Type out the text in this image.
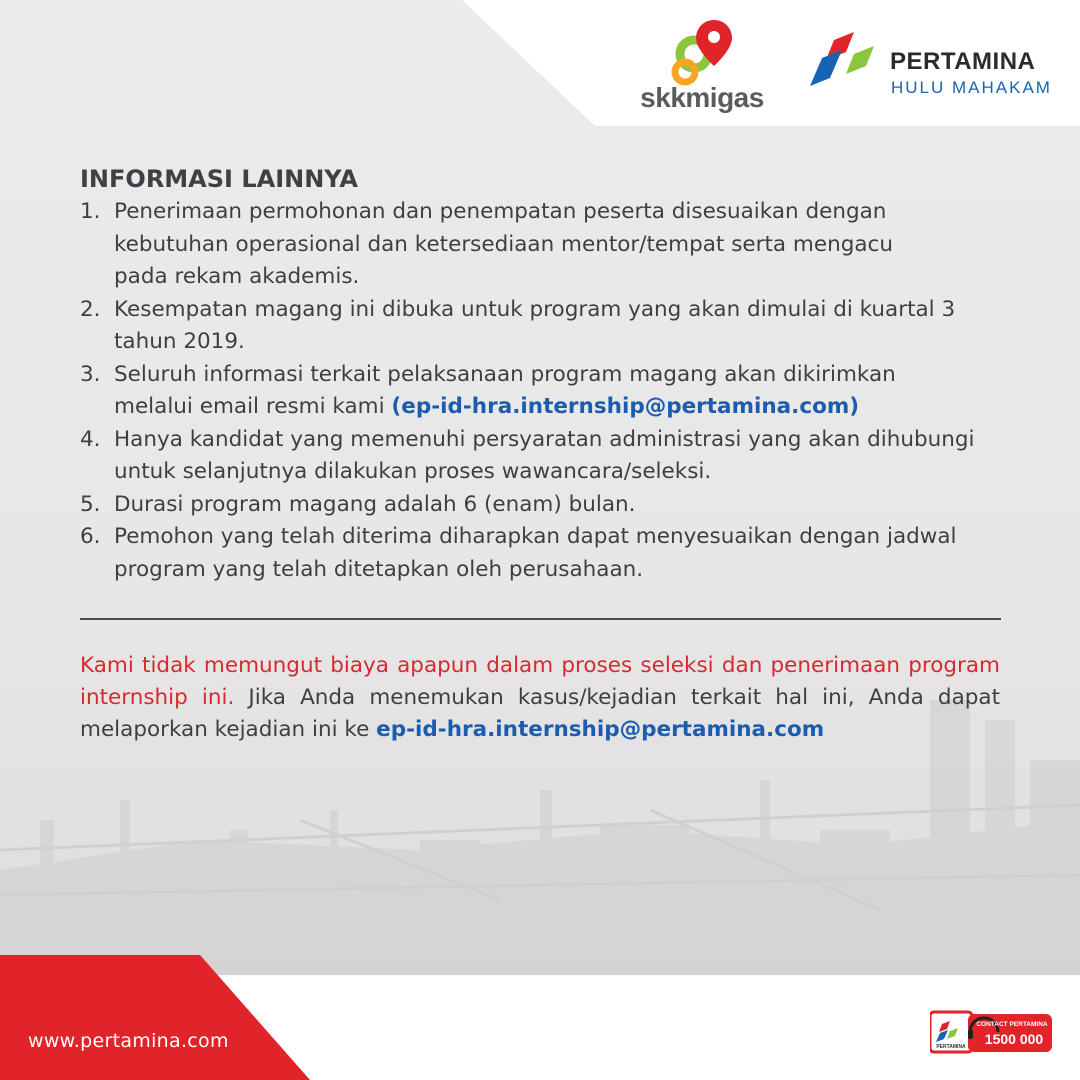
skkmigas
PERTAMINA
HULU MAHAKAM
INFORMASI LAINNYA
1. Penerimaan permohonan dan penempatan peserta disesuaikan dengan
kebutuhan operasional dan ketersediaan mentor/tempat serta mengacu
pada rekam akademis.
2. Kesempatan magang ini dibuka untuk program yang akan dimulai di kuartal 3
tahun 2019.
3. Seluruh informasi terkait pelaksanaan program magang akan dikirimkan
melalui email resmi kami (ep-id-hra.internship@pertamina.com)
4. Hanya kandidat yang memenuhi persyaratan administrasi yang akan dihubungi
untuk selanjutnya dilakukan proses wawancara/seleksi.
5. Durasi program magang adalah 6 (enam) bulan.
6. Pemohon yang telah diterima diharapkan dapat menyesuaikan dengan jadwal
program yang telah ditetapkan oleh perusahaan.

Kami tidak memungut biaya apapun dalam proses seleksi dan penerimaan program internship ini. Jika Anda menemukan kasus/kejadian terkait hal ini, Anda dapat melaporkan kejadian ini ke ep-id-hra.internship@pertamina.com

www.pertamina.com	PERTAMINA
CONTACT PERTAMINA
1500 000
